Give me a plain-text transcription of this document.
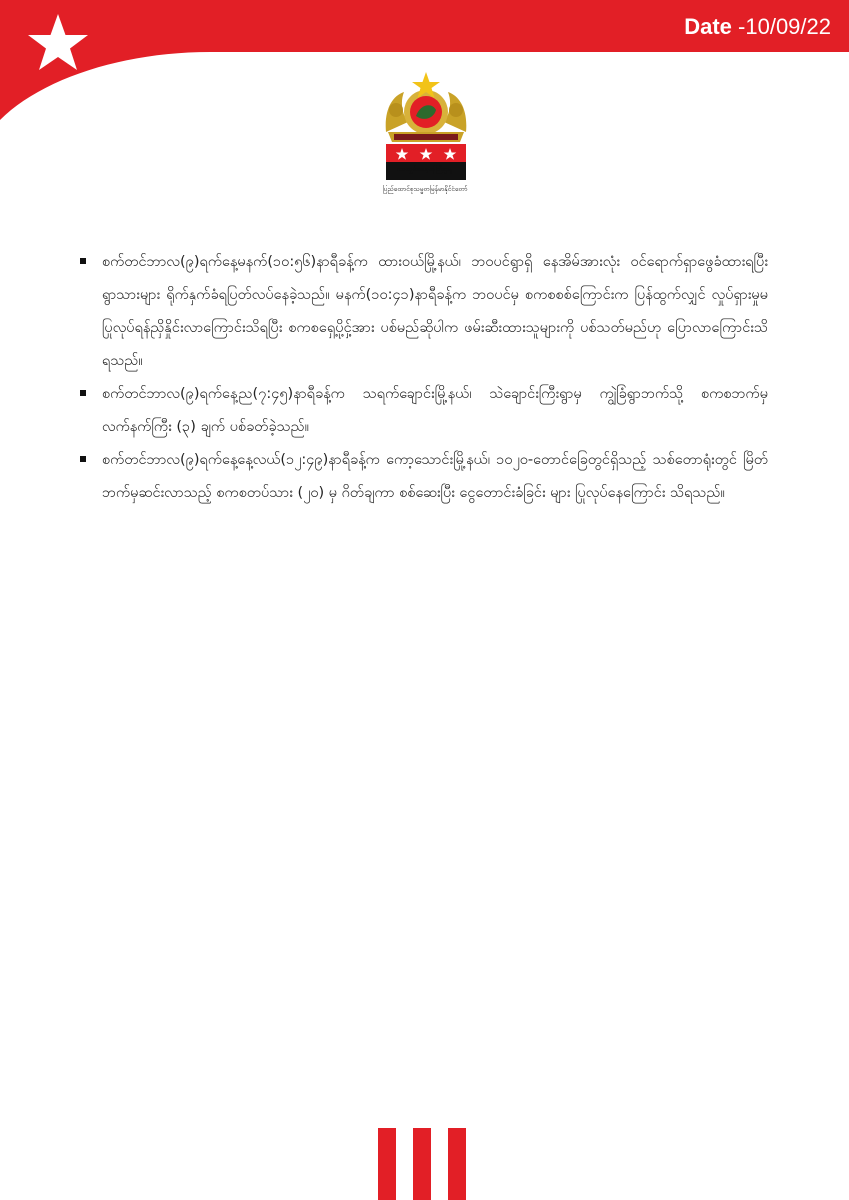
Date -10/09/22
ကားလွှမ်းဆော့ဝန်ကြီးဌာန
ပြည်ထောင်စုသမ္မတမြန်မာနိုင်ငံတော်
စက်တင်ဘာလ(၉)ရက်နေ့မနက်(၁၀:၅၆)နာရီခန့်က ထားဝယ်မြို့နယ်၊ ဘဝပင်ရွာရှိ နေအိမ်အားလုံး ဝင်ရောက်ရှာဖွေခံထားရပြီး ရွာသားများ ရိုက်နှက်ခံရပြတ်လပ်နေခဲ့သည်။ မနက်(၁၀:၄၁)နာရီခန့်က ဘဝပင်မှ စကစစစ်ကြောင်းက ပြန်ထွက်လျှင် လှုပ်ရှားမှုမပြုလုပ်ရန်ညှိနှိုင်းလာကြောင်းသိရပြီး စကစရှေ့ပို့ငှ့်အား ပစ်မည်ဆိုပါက ဖမ်းဆီးထားသူများကို ပစ်သတ်မည်ဟု ပြောလာကြောင်းသိရသည်။
စက်တင်ဘာလ(၉)ရက်နေ့ည(၇:၄၅)နာရီခန့်က သရက်ချောင်းမြို့နယ်၊ သဲချောင်းကြီးရွာမှ ကျွဲခြံရွာဘက်သို့ စကစဘက်မှ လက်နက်ကြီး (၃) ချက် ပစ်ခတ်ခဲ့သည်။
စက်တင်ဘာလ(၉)ရက်နေ့နေ့လယ်(၁၂:၄၉)နာရီခန့်က ကော့သောင်းမြို့နယ်၊ ၁၀၂၀-တောင်ခြေတွင်ရှိသည့် သစ်တောရုံးတွင် မြိတ်ဘက်မှဆင်းလာသည့် စကစတပ်သား (၂၀) မှ ဂိတ်ချကာ စစ်ဆေးပြီး ငွေတောင်းခံခြင်း များ ပြုလုပ်နေကြောင်း သိရသည်။
